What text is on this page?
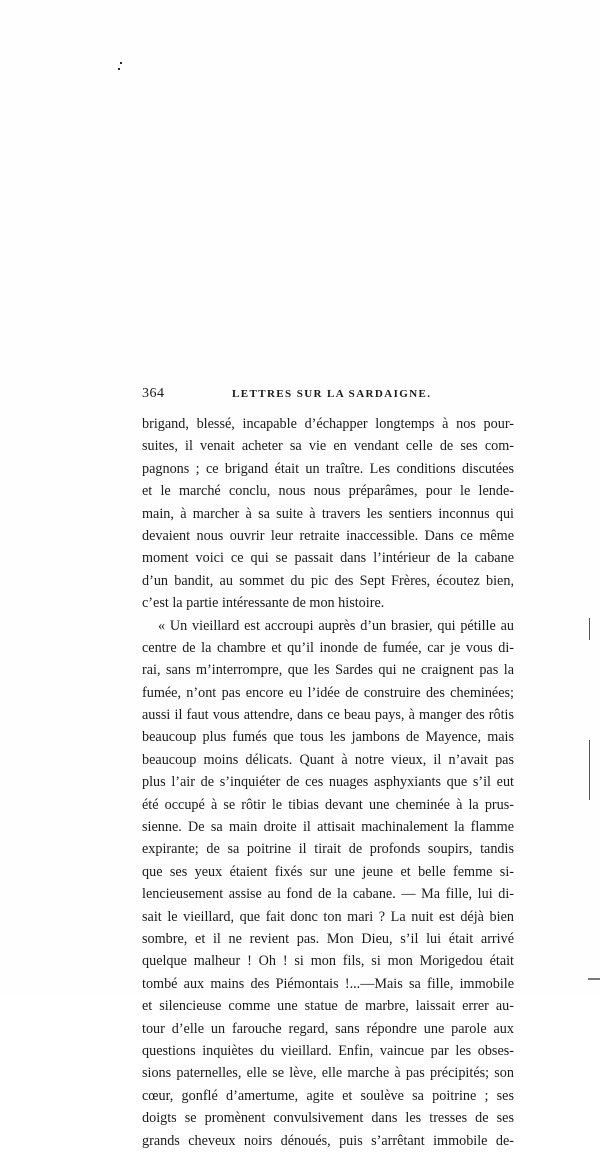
364	LETTRES SUR LA SARDAIGNE.
brigand, blessé, incapable d’échapper longtemps à nos pour-
suites, il venait acheter sa vie en vendant celle de ses com-
pagnons ; ce brigand était un traître. Les conditions discutées
et le marché conclu, nous nous préparâmes, pour le lende-
main, à marcher à sa suite à travers les sentiers inconnus qui
devaient nous ouvrir leur retraite inaccessible. Dans ce même
moment voici ce qui se passait dans l’intérieur de la cabane
d’un bandit, au sommet du pic des Sept Frères, écoutez bien,
c’est la partie intéressante de mon histoire.
« Un vieillard est accroupi auprès d’un brasier, qui pétille au
centre de la chambre et qu’il inonde de fumée, car je vous di-
rai, sans m’interrompre, que les Sardes qui ne craignent pas la
fumée, n’ont pas encore eu l’idée de construire des cheminées;
aussi il faut vous attendre, dans ce beau pays, à manger des rôtis
beaucoup plus fumés que tous les jambons de Mayence, mais
beaucoup moins délicats. Quant à notre vieux, il n’avait pas
plus l’air de s’inquiéter de ces nuages asphyxiants que s’il eut
été occupé à se rôtir le tibias devant une cheminée à la prus-
sienne. De sa main droite il attisait machinalement la flamme
expirante; de sa poitrine il tirait de profonds soupirs, tandis
que ses yeux étaient fixés sur une jeune et belle femme si-
lencieusement assise au fond de la cabane. — Ma fille, lui di-
sait le vieillard, que fait donc ton mari ? La nuit est déjà bien
sombre, et il ne revient pas. Mon Dieu, s’il lui était arrivé
quelque malheur ! Oh ! si mon fils, si mon Morigedou était
tombé aux mains des Piémontais !...—Mais sa fille, immobile
et silencieuse comme une statue de marbre, laissait errer au-
tour d’elle un farouche regard, sans répondre une parole aux
questions inquiètes du vieillard. Enfin, vaincue par les obses-
sions paternelles, elle se lève, elle marche à pas précipités; son
cœur, gonflé d’amertume, agite et soulève sa poitrine ; ses
doigts se promènent convulsivement dans les tresses de ses
grands cheveux noirs dénoués, puis s’arrêtant immobile de-
